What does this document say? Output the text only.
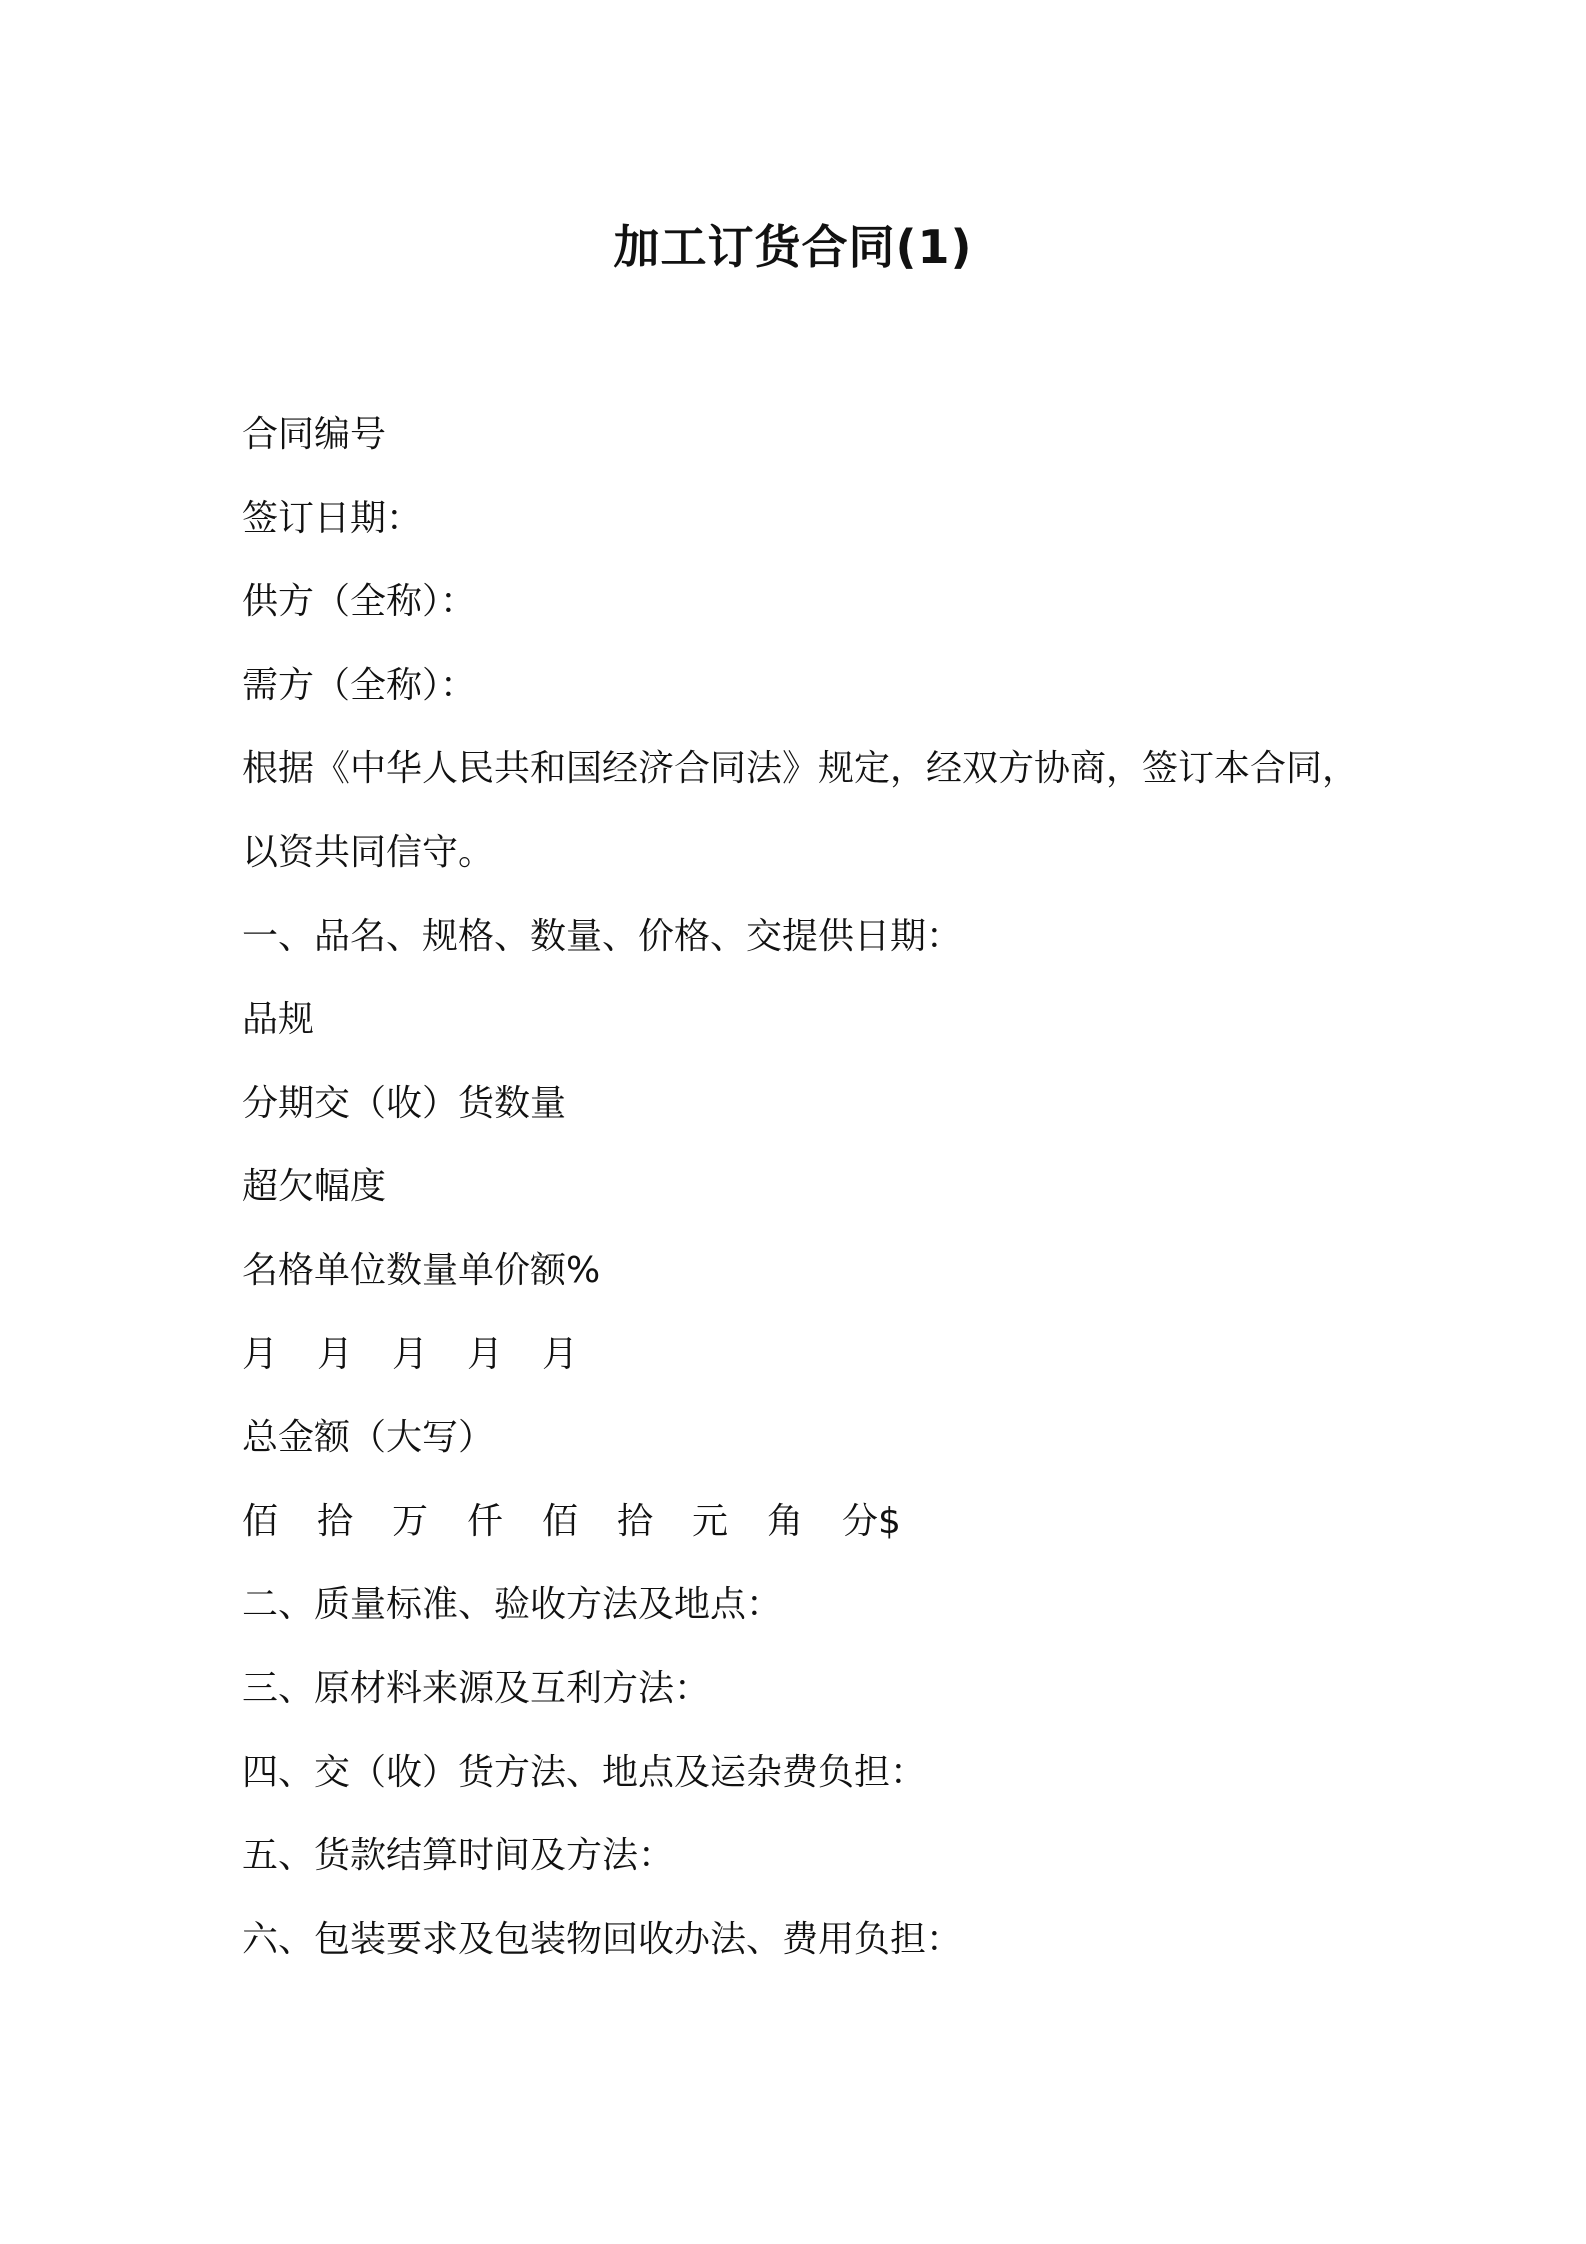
加工订货合同(1)
合同编号
签订日期：
供方（全称）：
需方（全称）：
根据《中华人民共和国经济合同法》规定，经双方协商，签订本合同，
以资共同信守。
一、品名、规格、数量、价格、交提供日期：
品规
分期交（收）货数量
超欠幅度
名格单位数量单价额%
月	月	月	月	月
总金额（大写）
佰	拾	万	仟	佰	拾	元	角	分$
二、质量标准、验收方法及地点：
三、原材料来源及互利方法：
四、交（收）货方法、地点及运杂费负担：
五、货款结算时间及方法：
六、包装要求及包装物回收办法、费用负担：
